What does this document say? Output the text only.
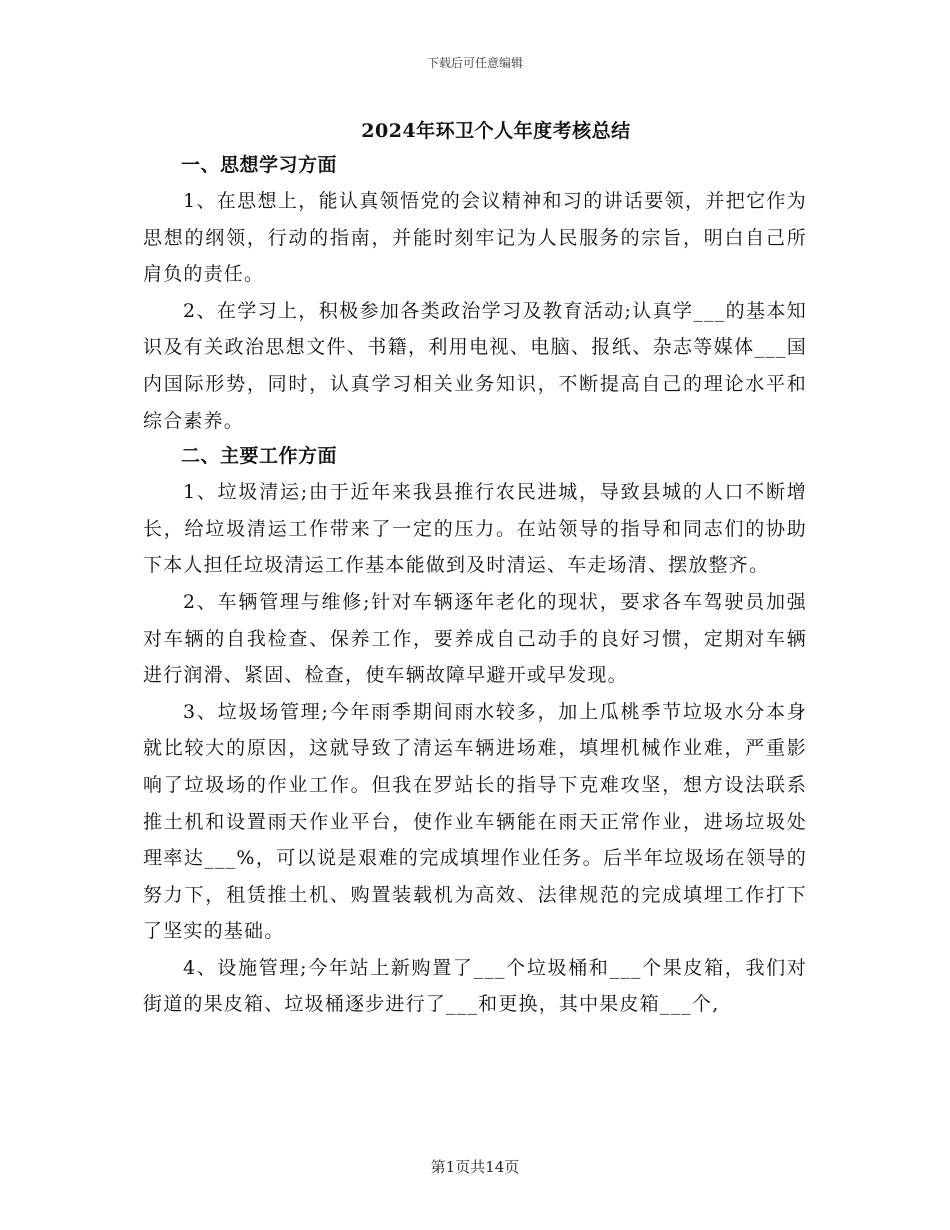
下载后可任意编辑
2024年环卫个人年度考核总结
一、思想学习方面

1、在思想上，能认真领悟党的会议精神和习的讲话要领，并把它作为思想的纲领，行动的指南，并能时刻牢记为人民服务的宗旨，明白自己所肩负的责任。

2、在学习上，积极参加各类政治学习及教育活动;认真学___的基本知识及有关政治思想文件、书籍，利用电视、电脑、报纸、杂志等媒体___国内国际形势，同时，认真学习相关业务知识，不断提高自己的理论水平和综合素养。

二、主要工作方面

1、垃圾清运;由于近年来我县推行农民进城，导致县城的人口不断增长，给垃圾清运工作带来了一定的压力。在站领导的指导和同志们的协助下本人担任垃圾清运工作基本能做到及时清运、车走场清、摆放整齐。

2、车辆管理与维修;针对车辆逐年老化的现状，要求各车驾驶员加强对车辆的自我检查、保养工作，要养成自己动手的良好习惯，定期对车辆进行润滑、紧固、检查，使车辆故障早避开或早发现。

3、垃圾场管理;今年雨季期间雨水较多，加上瓜桃季节垃圾水分本身就比较大的原因，这就导致了清运车辆进场难，填埋机械作业难，严重影响了垃圾场的作业工作。但我在罗站长的指导下克难攻坚，想方设法联系推土机和设置雨天作业平台，使作业车辆能在雨天正常作业，进场垃圾处理率达___%，可以说是艰难的完成填埋作业任务。后半年垃圾场在领导的努力下，租赁推土机、购置装载机为高效、法律规范的完成填埋工作打下了坚实的基础。

4、设施管理;今年站上新购置了___个垃圾桶和___个果皮箱，我们对街道的果皮箱、垃圾桶逐步进行了___和更换，其中果皮箱___个,

第1页共14页
